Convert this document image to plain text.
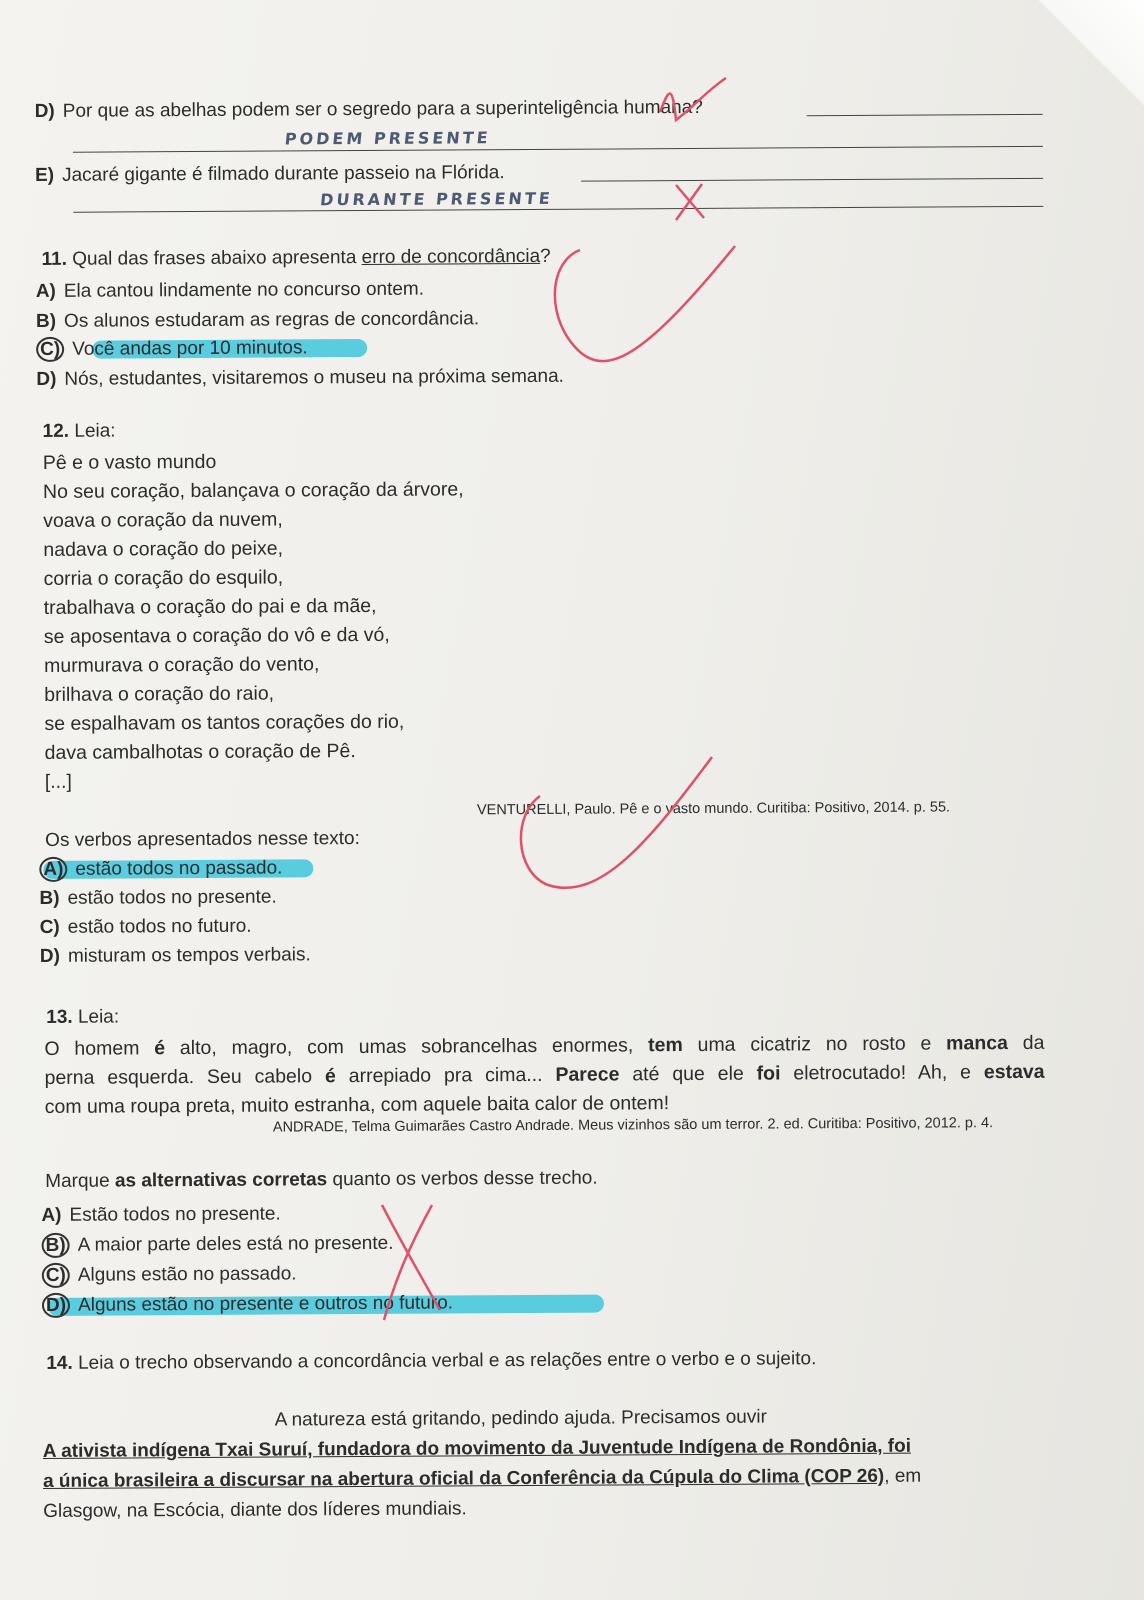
D) Por que as abelhas podem ser o segredo para a superinteligência humana?
PODEM PRESENTE
E) Jacaré gigante é filmado durante passeio na Flórida.
DURANTE PRESENTE
11. Qual das frases abaixo apresenta erro de concordância?
A) Ela cantou lindamente no concurso ontem.
B) Os alunos estudaram as regras de concordância.
C) Você andas por 10 minutos.
D) Nós, estudantes, visitaremos o museu na próxima semana.
12. Leia:
Pê e o vasto mundo
No seu coração, balançava o coração da árvore,
voava o coração da nuvem,
nadava o coração do peixe,
corria o coração do esquilo,
trabalhava o coração do pai e da mãe,
se aposentava o coração do vô e da vó,
murmurava o coração do vento,
brilhava o coração do raio,
se espalhavam os tantos corações do rio,
dava cambalhotas o coração de Pê.
[...]
VENTURELLI, Paulo. Pê e o vasto mundo. Curitiba: Positivo, 2014. p. 55.
Os verbos apresentados nesse texto:
A) estão todos no passado.
B) estão todos no presente.
C) estão todos no futuro.
D) misturam os tempos verbais.
13. Leia:
O homem é alto, magro, com umas sobrancelhas enormes, tem uma cicatriz no rosto e manca da
perna esquerda. Seu cabelo é arrepiado pra cima... Parece até que ele foi eletrocutado! Ah, e estava
com uma roupa preta, muito estranha, com aquele baita calor de ontem!
ANDRADE, Telma Guimarães Castro Andrade. Meus vizinhos são um terror. 2. ed. Curitiba: Positivo, 2012. p. 4.
Marque as alternativas corretas quanto os verbos desse trecho.
A) Estão todos no presente.
B) A maior parte deles está no presente.
C) Alguns estão no passado.
D) Alguns estão no presente e outros no futuro.
14. Leia o trecho observando a concordância verbal e as relações entre o verbo e o sujeito.
A natureza está gritando, pedindo ajuda. Precisamos ouvir
A ativista indígena Txai Suruí, fundadora do movimento da Juventude Indígena de Rondônia, foi
a única brasileira a discursar na abertura oficial da Conferência da Cúpula do Clima (COP 26), em
Glasgow, na Escócia, diante dos líderes mundiais.
